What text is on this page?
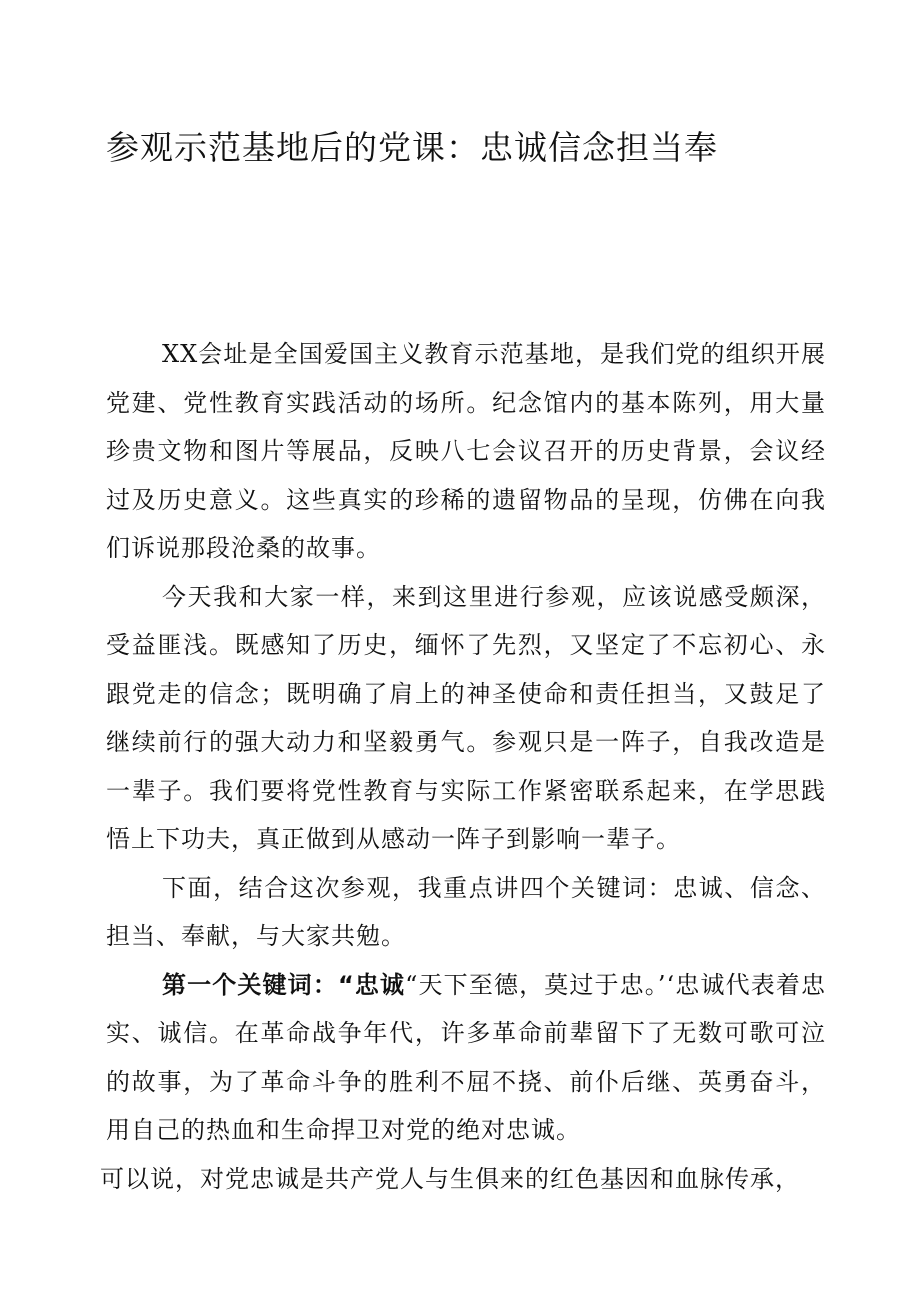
参观示范基地后的党课：忠诚信念担当奉

XX会址是全国爱国主义教育示范基地，是我们党的组织开展党建、党性教育实践活动的场所。纪念馆内的基本陈列，用大量珍贵文物和图片等展品，反映八七会议召开的历史背景，会议经过及历史意义。这些真实的珍稀的遗留物品的呈现，仿佛在向我们诉说那段沧桑的故事。

今天我和大家一样，来到这里进行参观，应该说感受颇深，受益匪浅。既感知了历史，缅怀了先烈，又坚定了不忘初心、永跟党走的信念；既明确了肩上的神圣使命和责任担当，又鼓足了继续前行的强大动力和坚毅勇气。参观只是一阵子，自我改造是一辈子。我们要将党性教育与实际工作紧密联系起来，在学思践悟上下功夫，真正做到从感动一阵子到影响一辈子。

下面，结合这次参观，我重点讲四个关键词：忠诚、信念、担当、奉献，与大家共勉。

第一个关键词：“忠诚“天下至德，莫过于忠。’‘忠诚代表着忠实、诚信。在革命战争年代，许多革命前辈留下了无数可歌可泣的故事，为了革命斗争的胜利不屈不挠、前仆后继、英勇奋斗，用自己的热血和生命捍卫对党的绝对忠诚。

可以说，对党忠诚是共产党人与生俱来的红色基因和血脉传承，
